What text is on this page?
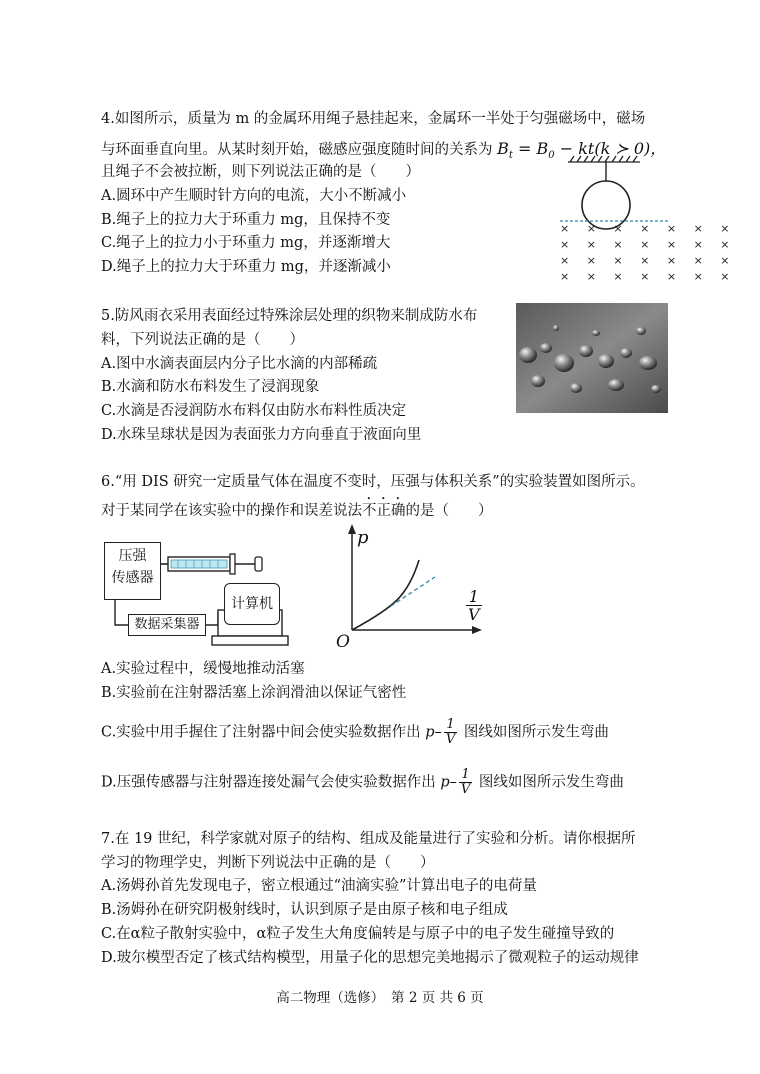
4.如图所示，质量为 m 的金属环用绳子悬挂起来，金属环一半处于匀强磁场中，磁场
与环面垂直向里。从某时刻开始，磁感应强度随时间的关系为 $B_t = B_0 - kt(k$ ≻ 0)，
且绳子不会被拉断，则下列说法正确的是（　　）
A.圆环中产生顺时针方向的电流，大小不断减小
B.绳子上的拉力大于环重力 mg，且保持不变
C.绳子上的拉力小于环重力 mg，并逐渐增大
D.绳子上的拉力大于环重力 mg，并逐渐减小
× × × × × × ×
× × × × × × ×
× × × × × × ×
× × × × × × ×
5.防风雨衣采用表面经过特殊涂层处理的织物来制成防水布
料，下列说法正确的是（　　）
A.图中水滴表面层内分子比水滴的内部稀疏
B.水滴和防水布料发生了浸润现象
C.水滴是否浸润防水布料仅由防水布料性质决定
D.水珠呈球状是因为表面张力方向垂直于液面向里
6.“用 DIS 研究一定质量气体在温度不变时，压强与体积关系”的实验装置如图所示。
对于某同学在该实验中的操作和误差说法不正确的是（　　）
压强
传感器
数据采集器
计算机
p
O
$\frac{1}{V}$
A.实验过程中，缓慢地推动活塞
B.实验前在注射器活塞上涂润滑油以保证气密性
C.实验中用手握住了注射器中间会使实验数据作出 $p- \frac{1}{V}$ 图线如图所示发生弯曲
D.压强传感器与注射器连接处漏气会使实验数据作出 $p- \frac{1}{V}$ 图线如图所示发生弯曲
7.在 19 世纪，科学家就对原子的结构、组成及能量进行了实验和分析。请你根据所
学习的物理学史，判断下列说法中正确的是（　　）
A.汤姆孙首先发现电子，密立根通过“油滴实验”计算出电子的电荷量
B.汤姆孙在研究阴极射线时，认识到原子是由原子核和电子组成
C.在α粒子散射实验中，α粒子发生大角度偏转是与原子中的电子发生碰撞导致的
D.玻尔模型否定了核式结构模型，用量子化的思想完美地揭示了微观粒子的运动规律
高二物理（选修）　第 2 页 共 6 页
